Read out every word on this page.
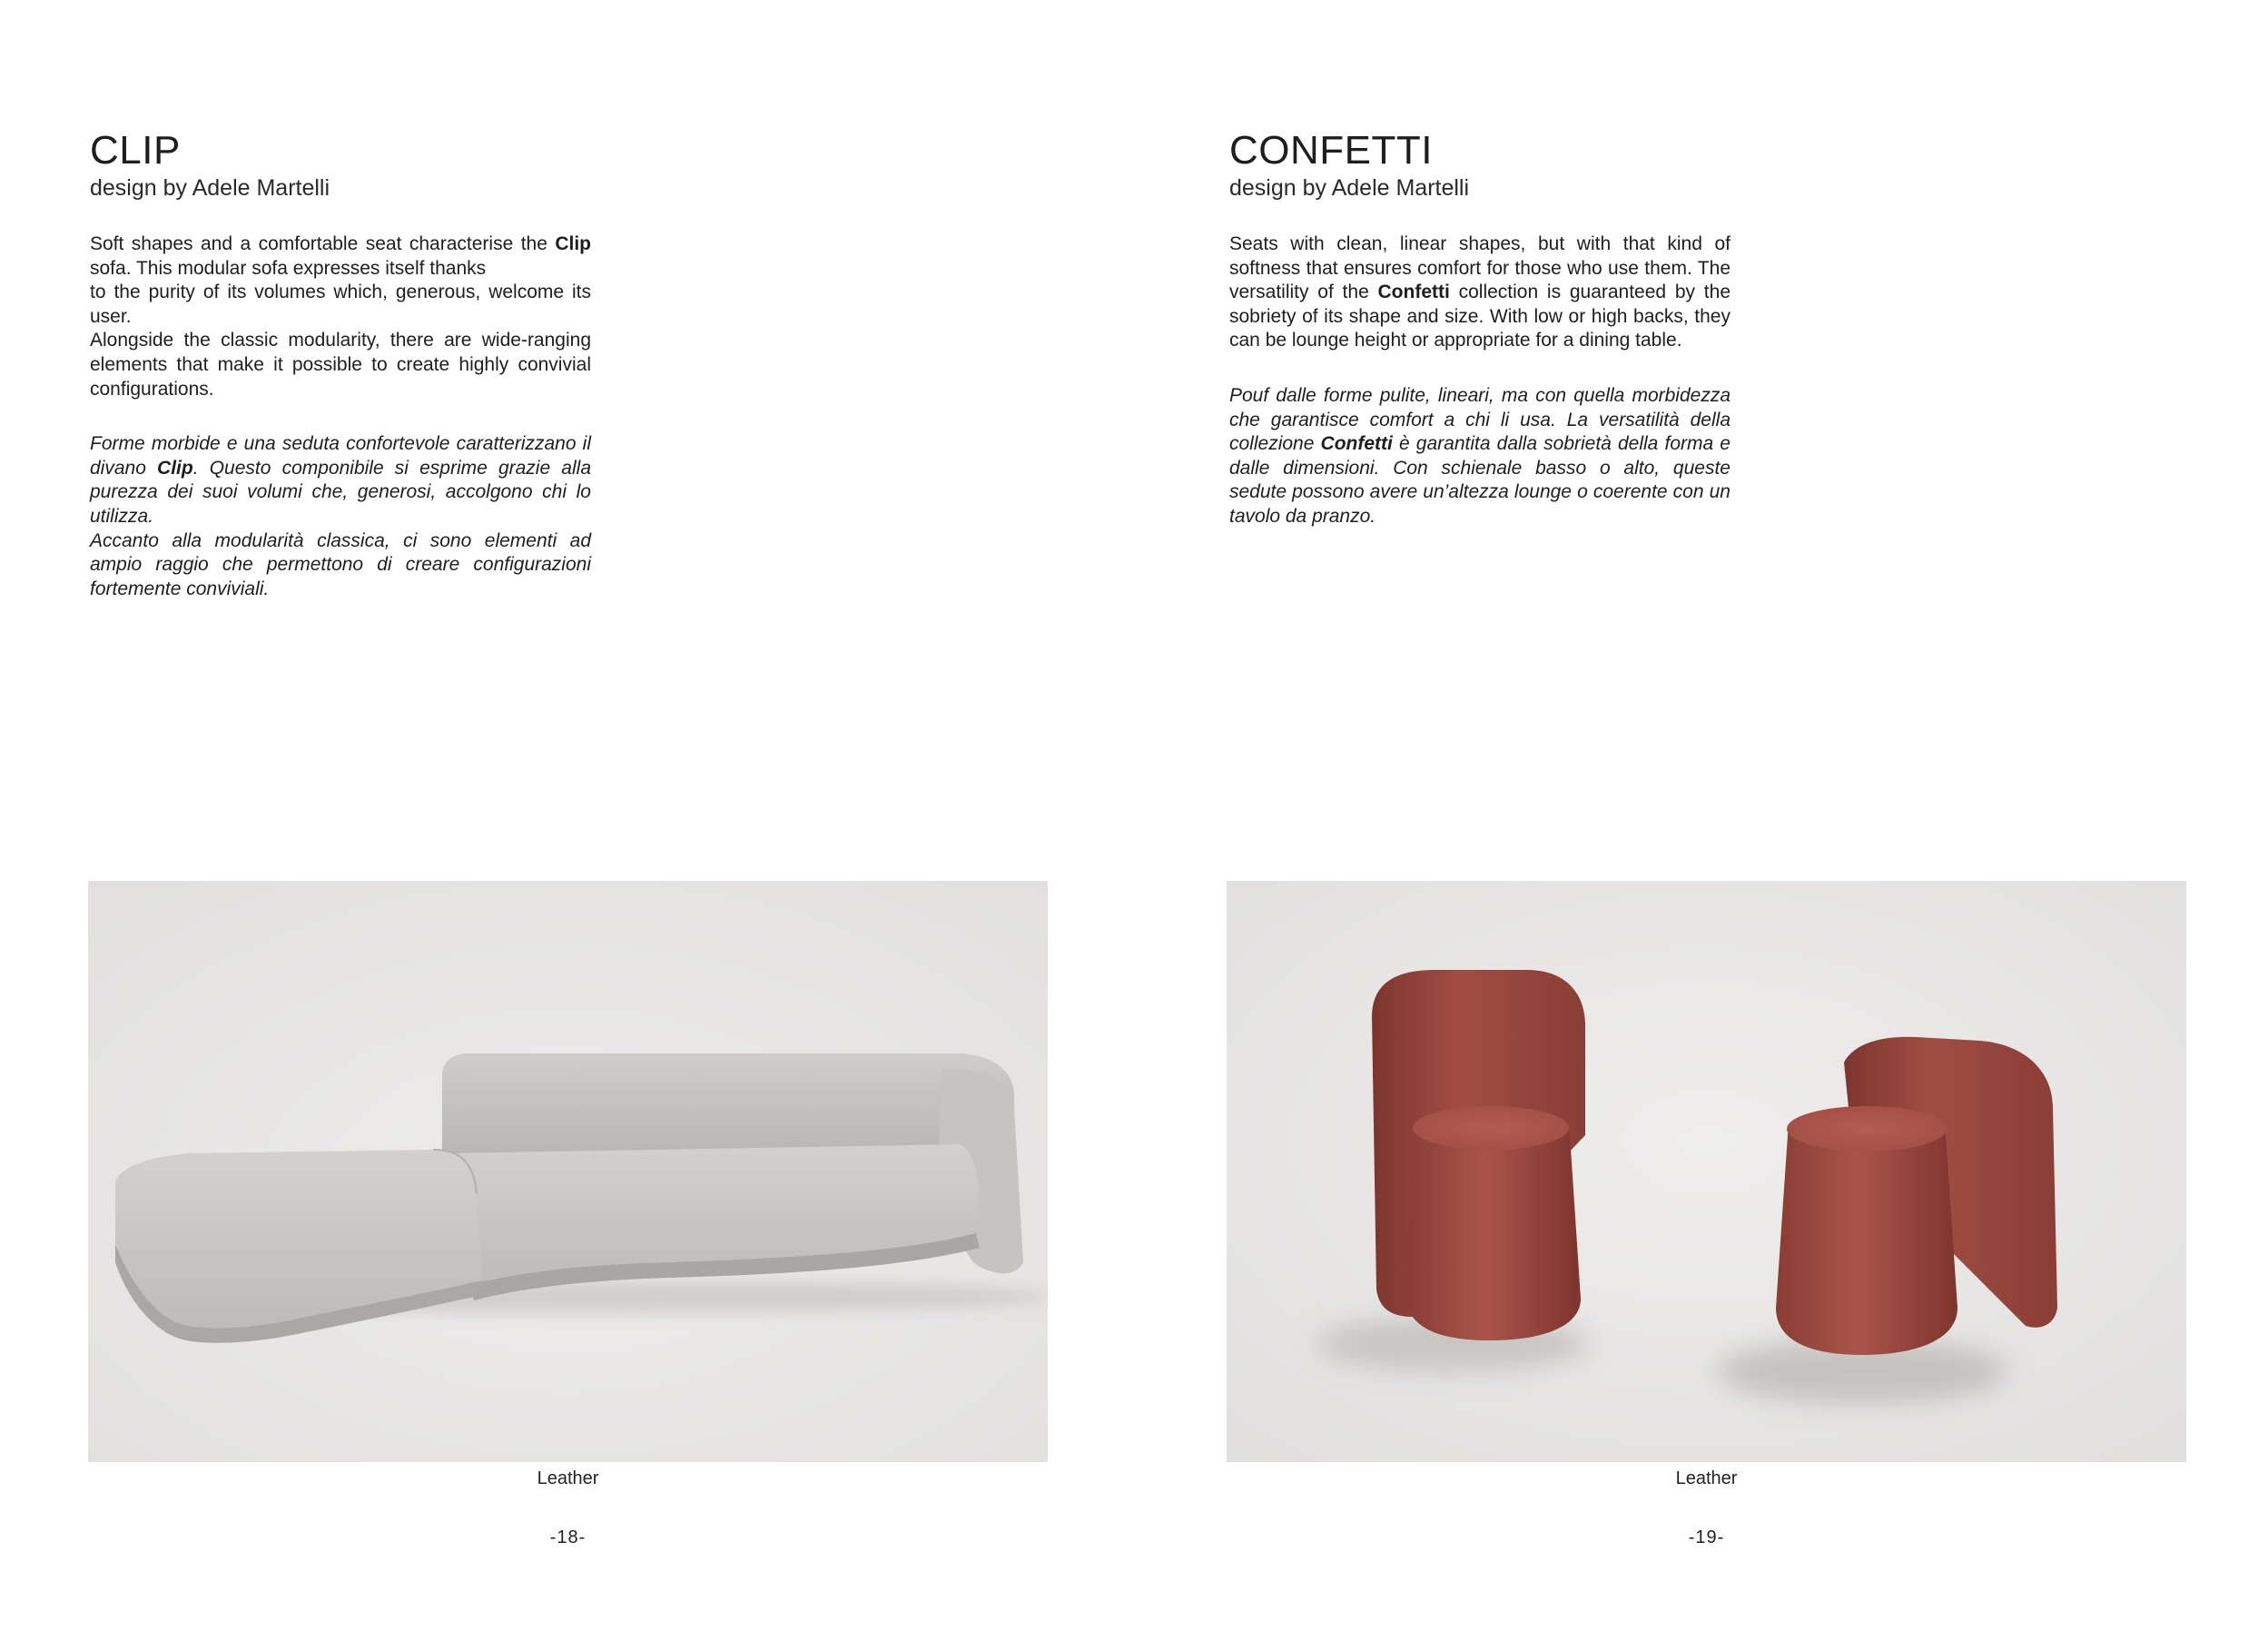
CLIP

design by Adele Martelli

Soft shapes and a comfortable seat characterise the Clip sofa. This modular sofa expresses itself thanks
to the purity of its volumes which, generous, welcome its user.
Alongside the classic modularity, there are wide-ranging elements that make it possible to create highly convivial configurations.

Forme morbide e una seduta confortevole caratterizzano il divano Clip. Questo componibile si esprime grazie alla purezza dei suoi volumi che, generosi, accolgono chi lo utilizza.
Accanto alla modularità classica, ci sono elementi ad ampio raggio che permettono di creare configurazioni fortemente conviviali.

Leather
-18-
CONFETTI

design by Adele Martelli

Seats with clean, linear shapes, but with that kind of softness that ensures comfort for those who use them. The versatility of the Confetti collection is guaranteed by the sobriety of its shape and size. With low or high backs, they can be lounge height or appropriate for a dining table.

Pouf dalle forme pulite, lineari, ma con quella morbidezza che garantisce comfort a chi li usa. La versatilità della collezione Confetti è garantita dalla sobrietà della forma e dalle dimensioni. Con schienale basso o alto, queste sedute possono avere un’altezza lounge o coerente con un tavolo da pranzo.

Leather
-19-
